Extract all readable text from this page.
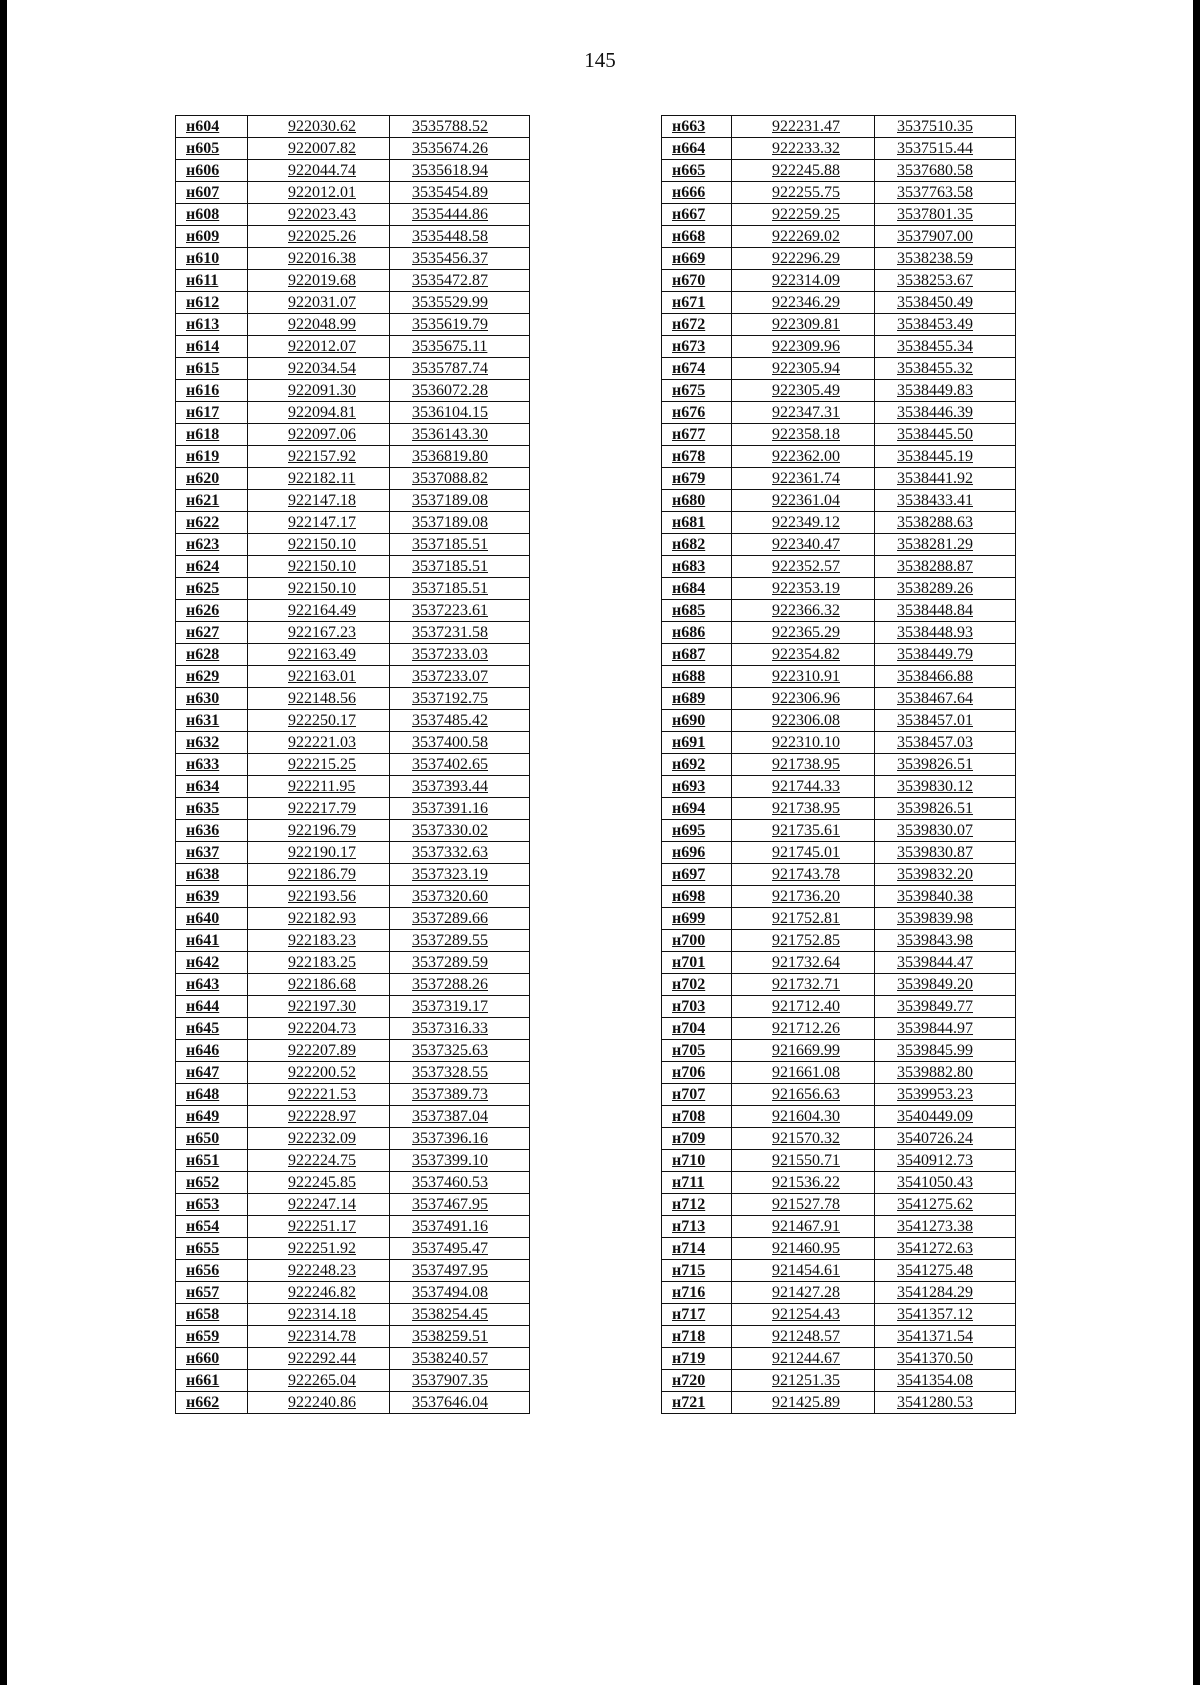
145
н604	922030.62	3535788.52
н605	922007.82	3535674.26
н606	922044.74	3535618.94
н607	922012.01	3535454.89
н608	922023.43	3535444.86
н609	922025.26	3535448.58
н610	922016.38	3535456.37
н611	922019.68	3535472.87
н612	922031.07	3535529.99
н613	922048.99	3535619.79
н614	922012.07	3535675.11
н615	922034.54	3535787.74
н616	922091.30	3536072.28
н617	922094.81	3536104.15
н618	922097.06	3536143.30
н619	922157.92	3536819.80
н620	922182.11	3537088.82
н621	922147.18	3537189.08
н622	922147.17	3537189.08
н623	922150.10	3537185.51
н624	922150.10	3537185.51
н625	922150.10	3537185.51
н626	922164.49	3537223.61
н627	922167.23	3537231.58
н628	922163.49	3537233.03
н629	922163.01	3537233.07
н630	922148.56	3537192.75
н631	922250.17	3537485.42
н632	922221.03	3537400.58
н633	922215.25	3537402.65
н634	922211.95	3537393.44
н635	922217.79	3537391.16
н636	922196.79	3537330.02
н637	922190.17	3537332.63
н638	922186.79	3537323.19
н639	922193.56	3537320.60
н640	922182.93	3537289.66
н641	922183.23	3537289.55
н642	922183.25	3537289.59
н643	922186.68	3537288.26
н644	922197.30	3537319.17
н645	922204.73	3537316.33
н646	922207.89	3537325.63
н647	922200.52	3537328.55
н648	922221.53	3537389.73
н649	922228.97	3537387.04
н650	922232.09	3537396.16
н651	922224.75	3537399.10
н652	922245.85	3537460.53
н653	922247.14	3537467.95
н654	922251.17	3537491.16
н655	922251.92	3537495.47
н656	922248.23	3537497.95
н657	922246.82	3537494.08
н658	922314.18	3538254.45
н659	922314.78	3538259.51
н660	922292.44	3538240.57
н661	922265.04	3537907.35
н662	922240.86	3537646.04
н663	922231.47	3537510.35
н664	922233.32	3537515.44
н665	922245.88	3537680.58
н666	922255.75	3537763.58
н667	922259.25	3537801.35
н668	922269.02	3537907.00
н669	922296.29	3538238.59
н670	922314.09	3538253.67
н671	922346.29	3538450.49
н672	922309.81	3538453.49
н673	922309.96	3538455.34
н674	922305.94	3538455.32
н675	922305.49	3538449.83
н676	922347.31	3538446.39
н677	922358.18	3538445.50
н678	922362.00	3538445.19
н679	922361.74	3538441.92
н680	922361.04	3538433.41
н681	922349.12	3538288.63
н682	922340.47	3538281.29
н683	922352.57	3538288.87
н684	922353.19	3538289.26
н685	922366.32	3538448.84
н686	922365.29	3538448.93
н687	922354.82	3538449.79
н688	922310.91	3538466.88
н689	922306.96	3538467.64
н690	922306.08	3538457.01
н691	922310.10	3538457.03
н692	921738.95	3539826.51
н693	921744.33	3539830.12
н694	921738.95	3539826.51
н695	921735.61	3539830.07
н696	921745.01	3539830.87
н697	921743.78	3539832.20
н698	921736.20	3539840.38
н699	921752.81	3539839.98
н700	921752.85	3539843.98
н701	921732.64	3539844.47
н702	921732.71	3539849.20
н703	921712.40	3539849.77
н704	921712.26	3539844.97
н705	921669.99	3539845.99
н706	921661.08	3539882.80
н707	921656.63	3539953.23
н708	921604.30	3540449.09
н709	921570.32	3540726.24
н710	921550.71	3540912.73
н711	921536.22	3541050.43
н712	921527.78	3541275.62
н713	921467.91	3541273.38
н714	921460.95	3541272.63
н715	921454.61	3541275.48
н716	921427.28	3541284.29
н717	921254.43	3541357.12
н718	921248.57	3541371.54
н719	921244.67	3541370.50
н720	921251.35	3541354.08
н721	921425.89	3541280.53
